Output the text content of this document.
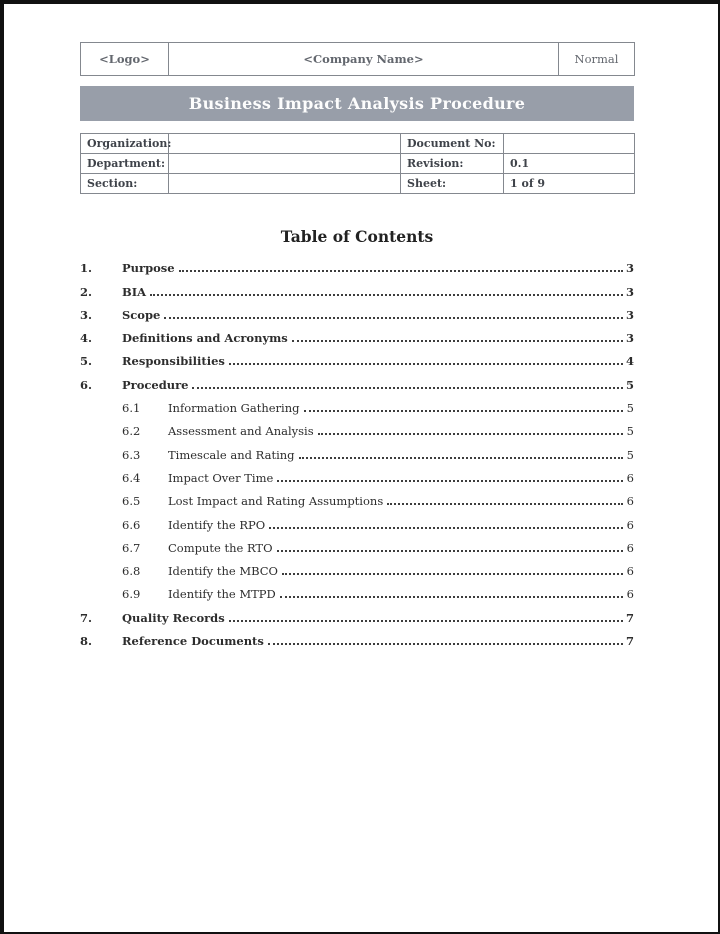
<Logo>	<Company Name>	Normal
Business Impact Analysis Procedure
Organization:		Document No:	
Department:		Revision:	0.1
Section:		Sheet:	1 of 9
Table of Contents
1.	Purpose	3
2.	BIA	3
3.	Scope	3
4.	Definitions and Acronyms	3
5.	Responsibilities	4
6.	Procedure	5
6.1	Information Gathering	5
6.2	Assessment and Analysis	5
6.3	Timescale and Rating	5
6.4	Impact Over Time	6
6.5	Lost Impact and Rating Assumptions	6
6.6	Identify the RPO	6
6.7	Compute the RTO	6
6.8	Identify the MBCO	6
6.9	Identify the MTPD	6
7.	Quality Records	7
8.	Reference Documents	7
